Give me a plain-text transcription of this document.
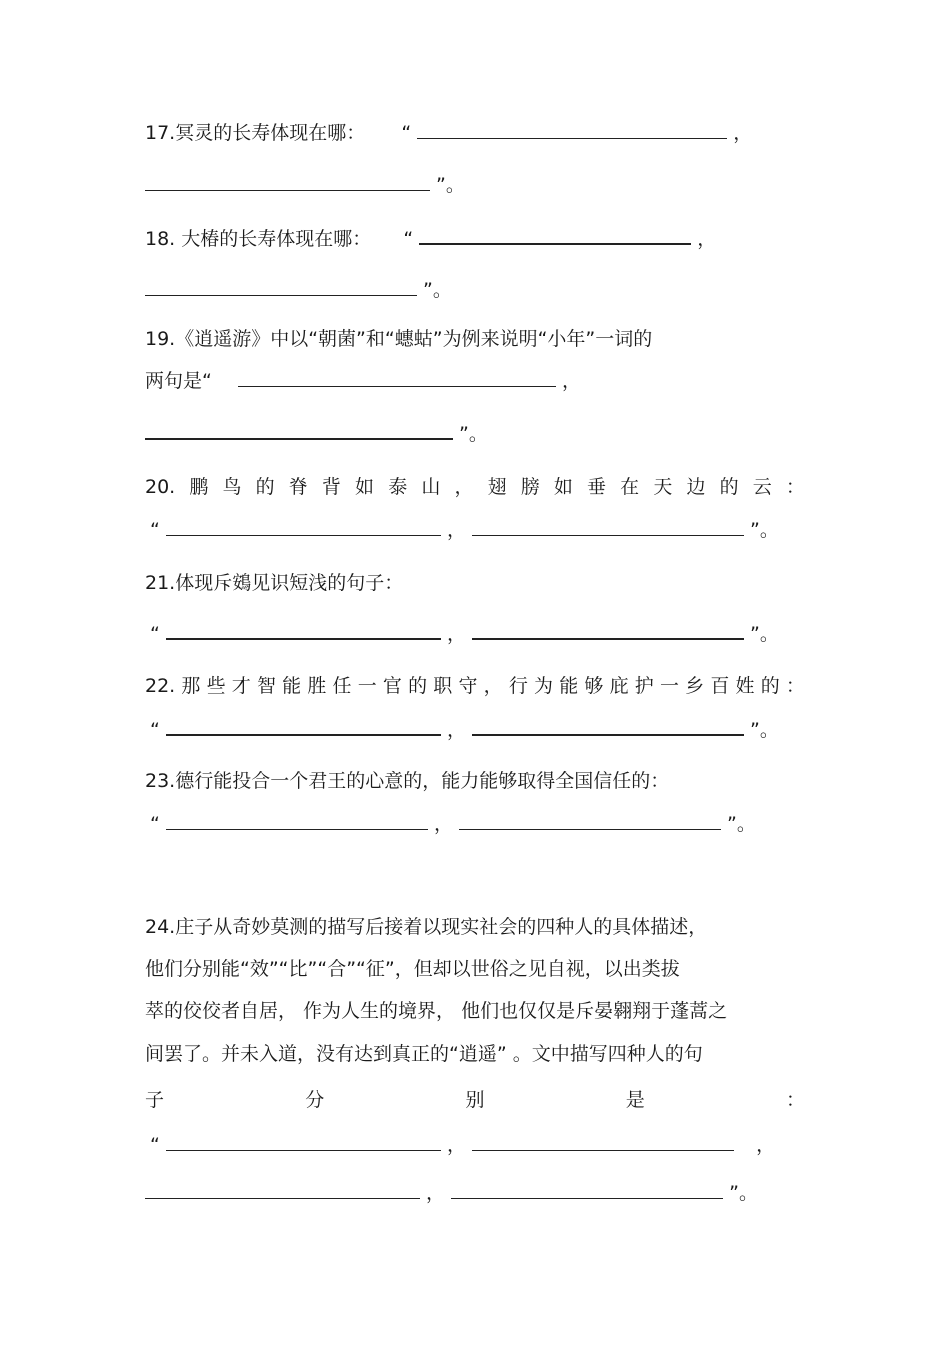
17.冥灵的长寿体现在哪： “	，
”。
18. 大椿的长寿体现在哪： “	，
”。
19.《逍遥游》中以“朝菌”和“蟪蛄”为例来说明“小年”一词的
两句是“	，
”。
20. 鹏 鸟 的 脊 背 如 泰 山 ， 翅 膀 如 垂 在 天 边 的 云 ：
“	，	”。
21.体现斥鴳见识短浅的句子：
“	，	”。
22. 那 些 才 智 能 胜 任 一 官 的 职 守 ， 行 为 能 够 庇 护 一 乡 百 姓 的 ：
“	，	”。
23.德行能投合一个君王的心意的，能力能够取得全国信任的：
“	，	”。
24.庄子从奇妙莫测的描写后接着以现实社会的四种人的具体描述，
他们分别能“效”“比”“合”“征”，但却以世俗之见自视，以出类拔
萃的佼佼者自居， 作为人生的境界， 他们也仅仅是斥晏翱翔于蓬蒿之
间罢了。并未入道，没有达到真正的“逍遥” 。文中描写四种人的句
子	分	别	是	：
“	，	，
，	”。
